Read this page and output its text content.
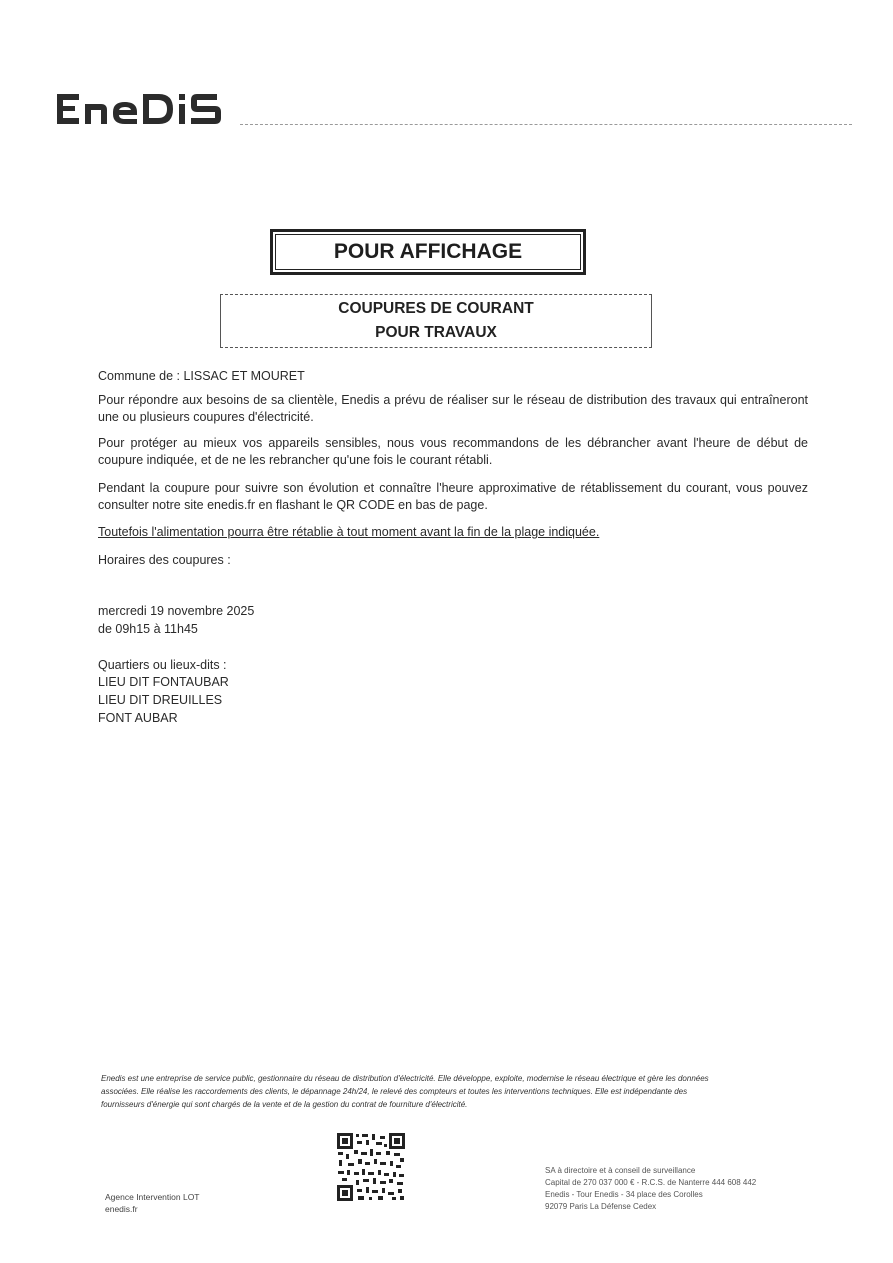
POUR AFFICHAGE
COUPURES DE COURANT
POUR TRAVAUX
Commune de : LISSAC ET MOURET
Pour répondre aux besoins de sa clientèle, Enedis a prévu de réaliser sur le réseau de distribution des travaux qui entraîneront une ou plusieurs coupures d'électricité.
Pour protéger au mieux vos appareils sensibles, nous vous recommandons de les débrancher avant l'heure de début de coupure indiquée, et de ne les rebrancher qu'une fois le courant rétabli.
Pendant la coupure pour suivre son évolution et connaître l'heure approximative de rétablissement du courant, vous pouvez consulter notre site enedis.fr en flashant le QR CODE en bas de page.
Toutefois l'alimentation pourra être rétablie à tout moment avant la fin de la plage indiquée.
Horaires des coupures :
mercredi 19 novembre 2025
de 09h15 à 11h45
Quartiers ou lieux-dits :
LIEU DIT FONTAUBAR
LIEU DIT DREUILLES
FONT AUBAR
Enedis est une entreprise de service public, gestionnaire du réseau de distribution d'électricité. Elle développe, exploite, modernise le réseau électrique et gère les données
associées. Elle réalise les raccordements des clients, le dépannage 24h/24, le relevé des compteurs et toutes les interventions techniques. Elle est indépendante des
fournisseurs d'énergie qui sont chargés de la vente et de la gestion du contrat de fourniture d'électricité.
Agence Intervention LOT
enedis.fr
SA à directoire et à conseil de surveillance
Capital de 270 037 000 € - R.C.S. de Nanterre 444 608 442
Enedis - Tour Enedis - 34 place des Corolles
92079 Paris La Défense Cedex
